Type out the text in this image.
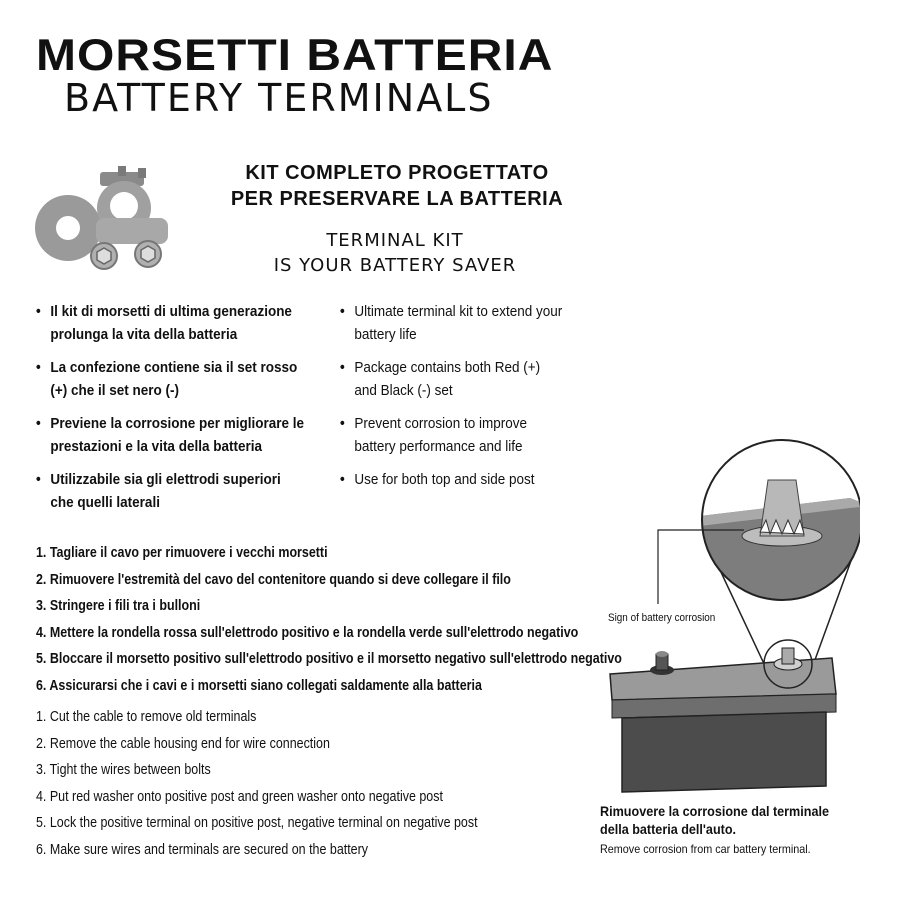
MORSETTI BATTERIA
BATTERY TERMINALS
KIT COMPLETO PROGETTATO
PER PRESERVARE LA BATTERIA
TERMINAL KIT
IS YOUR BATTERY SAVER
• Il kit di morsetti di ultima generazione prolunga la vita della batteria
• La confezione contiene sia il set rosso (+) che il set nero (-)
• Previene la corrosione per migliorare le prestazioni e la vita della batteria
• Utilizzabile sia gli elettrodi superiori che quelli laterali
• Ultimate terminal kit to extend your battery life
• Package contains both Red (+) and Black (-) set
• Prevent corrosion to improve battery performance and life
• Use for both top and side post
1. Tagliare il cavo per rimuovere i vecchi morsetti
2. Rimuovere l'estremità del cavo del contenitore quando si deve collegare il filo
3. Stringere i fili tra i bulloni
4. Mettere la rondella rossa sull'elettrodo positivo e la rondella verde sull'elettrodo negativo
5. Bloccare il morsetto positivo sull'elettrodo positivo e il morsetto negativo sull'elettrodo negativo
6. Assicurarsi che i cavi e i morsetti siano collegati saldamente alla batteria
1. Cut the cable to remove old terminals
2. Remove the cable housing end for wire connection
3. Tight the wires between bolts
4. Put red washer onto positive post and green washer onto negative post
5. Lock the positive terminal on positive post, negative terminal on negative post
6. Make sure wires and terminals are secured on the battery
Sign of battery corrosion
Rimuovere la corrosione dal terminale della batteria dell'auto.
Remove corrosion from car battery terminal.
